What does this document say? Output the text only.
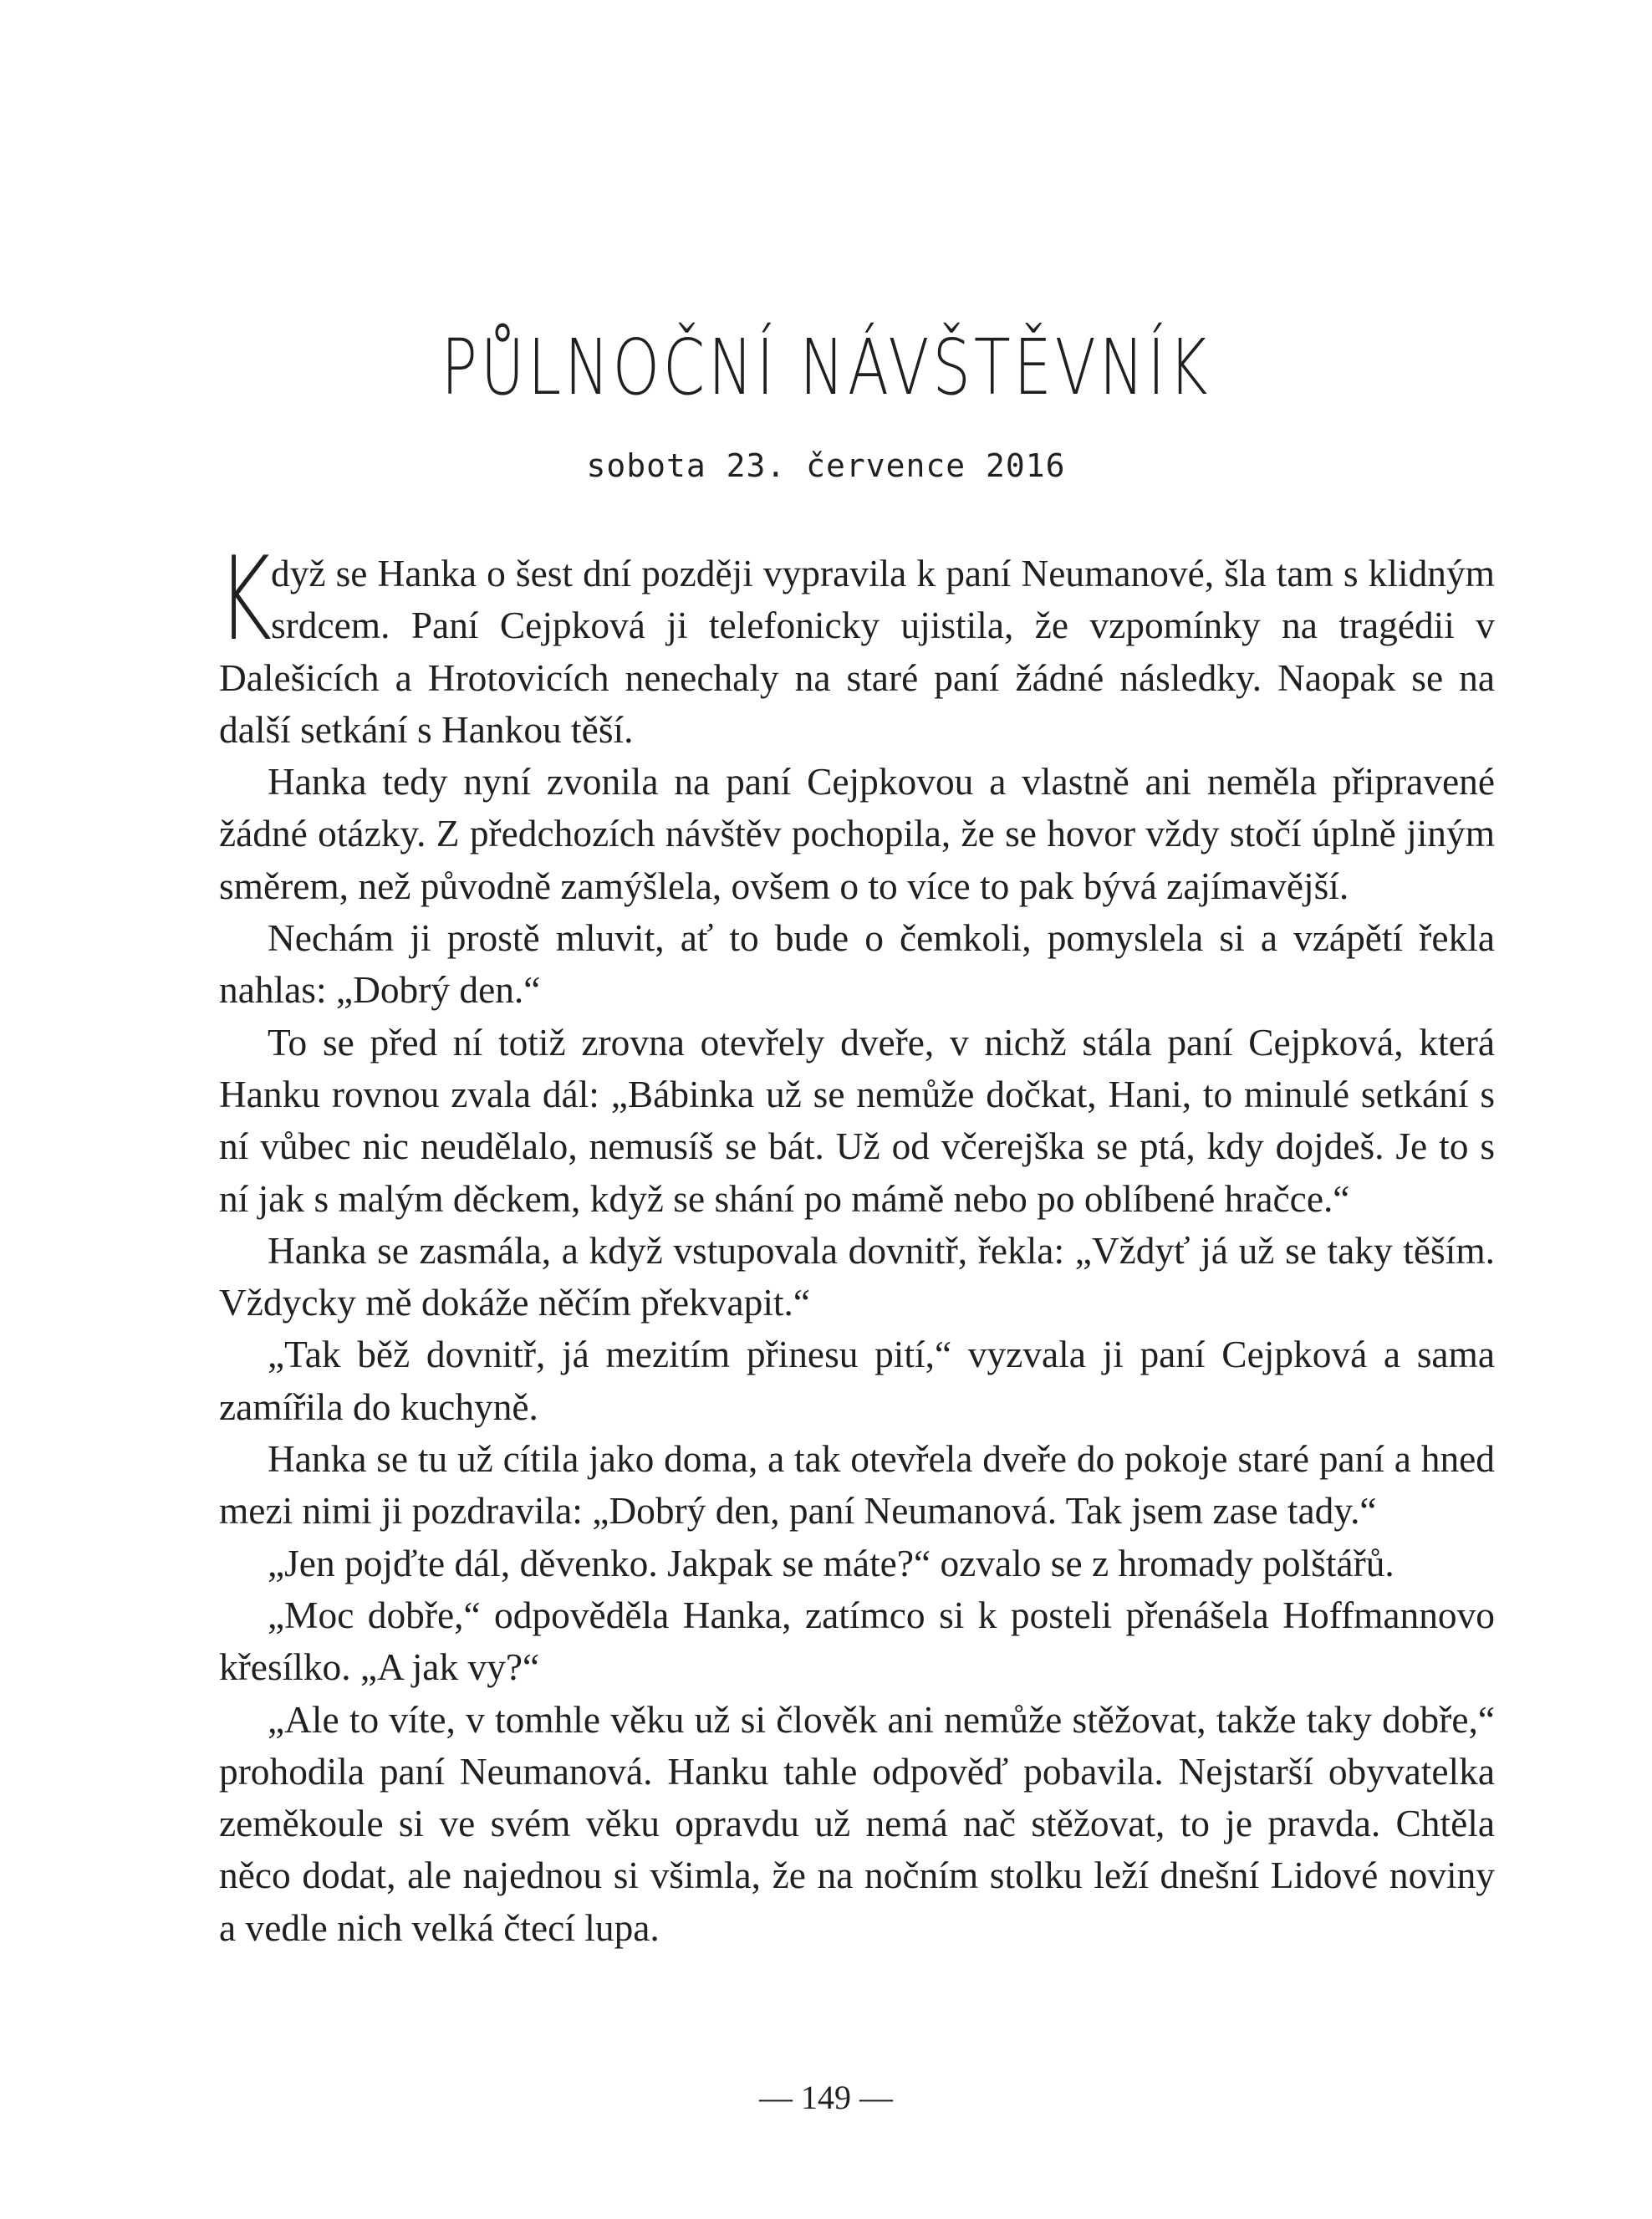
PŮLNOČNÍ NÁVŠTĚVNÍK
sobota 23. července 2016

K
dyž se Hanka o šest dní později vypravila k paní Neumanové, šla tam s klidným srdcem. Paní Cejpková ji telefonicky ujistila, že vzpomínky na tragédii v Dalešicích a Hrotovicích nenechaly na staré paní žádné následky. Naopak se na další setkání s Hankou těší.

Hanka tedy nyní zvonila na paní Cejpkovou a vlastně ani neměla připravené žádné otázky. Z předchozích návštěv pochopila, že se hovor vždy stočí úplně jiným směrem, než původně zamýšlela, ovšem o to více to pak bývá zajímavější.

Nechám ji prostě mluvit, ať to bude o čemkoli, pomyslela si a vzápětí řekla nahlas: „Dobrý den.“

To se před ní totiž zrovna otevřely dveře, v nichž stála paní Cejpková, která Hanku rovnou zvala dál: „Bábinka už se nemůže dočkat, Hani, to minulé setkání s ní vůbec nic neudělalo, nemusíš se bát. Už od včerejška se ptá, kdy dojdeš. Je to s ní jak s malým děckem, když se shání po mámě nebo po oblíbené hračce.“

Hanka se zasmála, a když vstupovala dovnitř, řekla: „Vždyť já už se taky těším. Vždycky mě dokáže něčím překvapit.“

„Tak běž dovnitř, já mezitím přinesu pití,“ vyzvala ji paní Cejpková a sama zamířila do kuchyně.

Hanka se tu už cítila jako doma, a tak otevřela dveře do pokoje staré paní a hned mezi nimi ji pozdravila: „Dobrý den, paní Neumanová. Tak jsem zase tady.“

„Jen pojďte dál, děvenko. Jakpak se máte?“ ozvalo se z hromady polštářů.

„Moc dobře,“ odpověděla Hanka, zatímco si k posteli přenášela Hoffmannovo křesílko. „A jak vy?“

„Ale to víte, v tomhle věku už si člověk ani nemůže stěžovat, takže taky dobře,“ prohodila paní Neumanová. Hanku tahle odpověď pobavila. Nejstarší obyvatelka zeměkoule si ve svém věku opravdu už nemá nač stěžovat, to je pravda. Chtěla něco dodat, ale najednou si všimla, že na nočním stolku leží dnešní Lidové noviny a vedle nich velká čtecí lupa.

— 149 —
